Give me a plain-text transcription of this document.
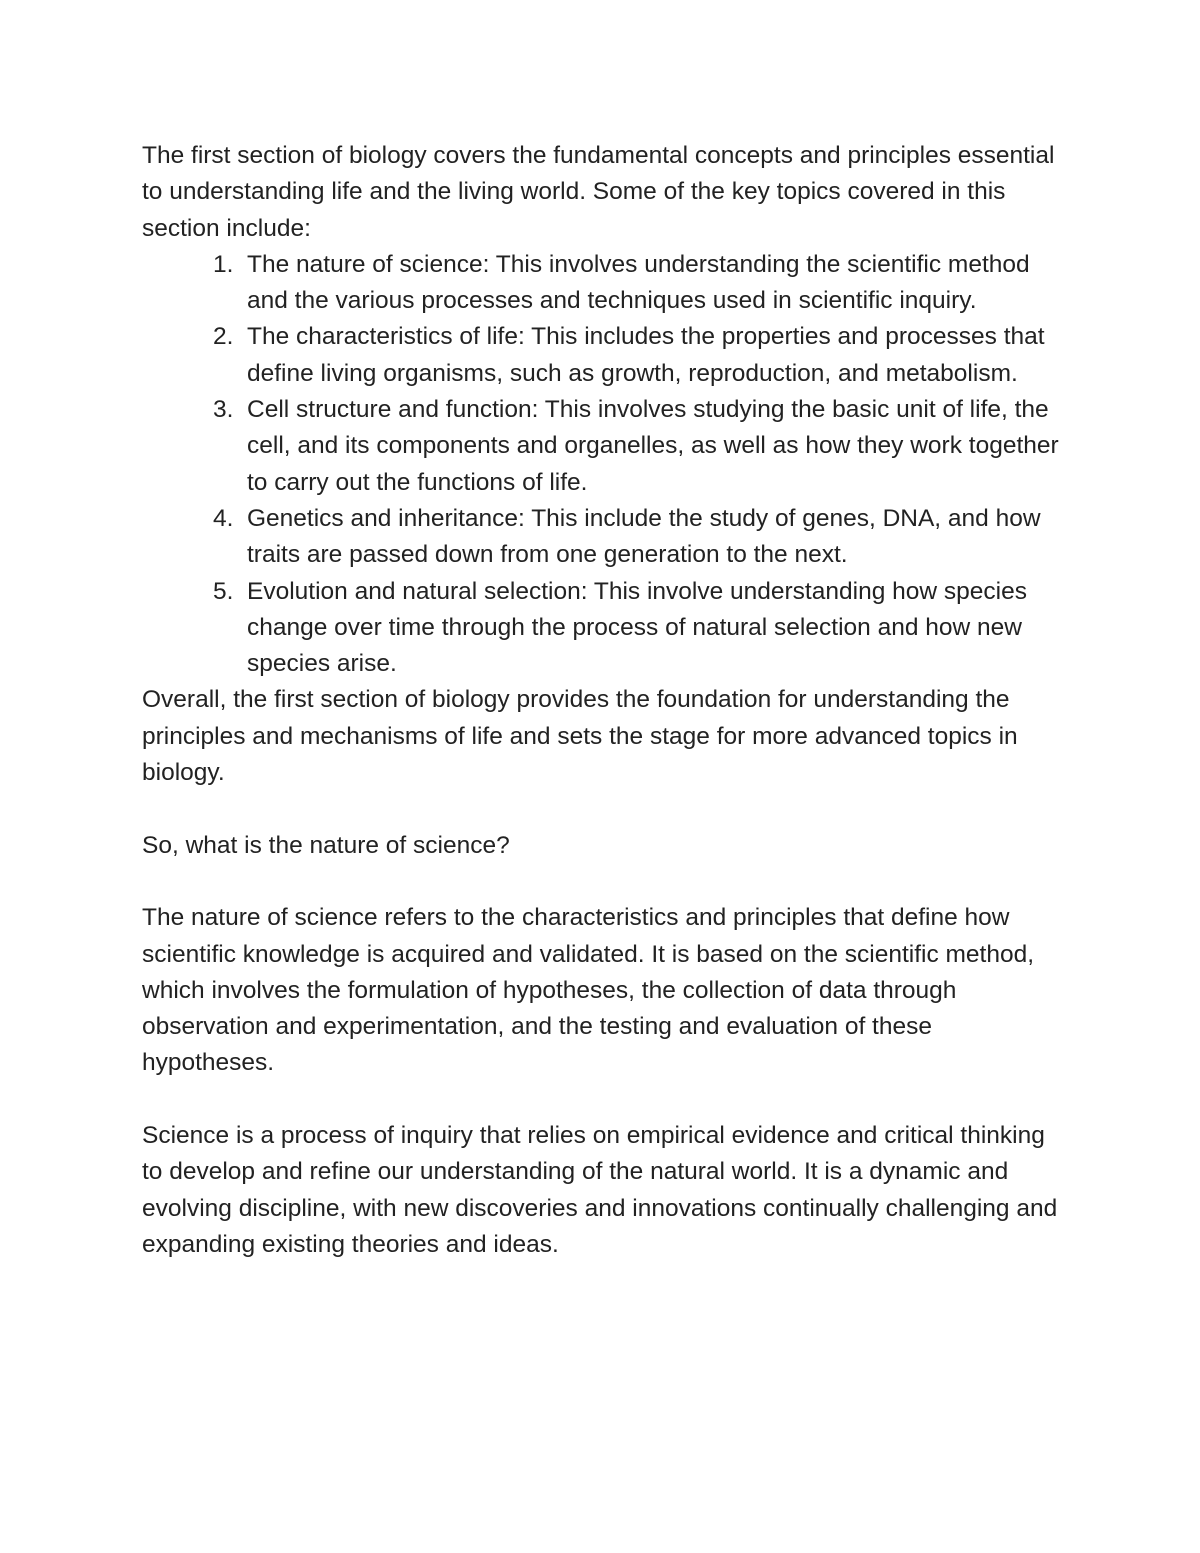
The first section of biology covers the fundamental concepts and principles essential to understanding life and the living world. Some of the key topics covered in this section include:

1. The nature of science: This involves understanding the scientific method and the various processes and techniques used in scientific inquiry.
2. The characteristics of life: This includes the properties and processes that define living organisms, such as growth, reproduction, and metabolism.
3. Cell structure and function: This involves studying the basic unit of life, the cell, and its components and organelles, as well as how they work together to carry out the functions of life.
4. Genetics and inheritance: This include the study of genes, DNA, and how traits are passed down from one generation to the next.
5. Evolution and natural selection: This involve understanding how species change over time through the process of natural selection and how new species arise.

Overall, the first section of biology provides the foundation for understanding the principles and mechanisms of life and sets the stage for more advanced topics in biology.

So, what is the nature of science?

The nature of science refers to the characteristics and principles that define how scientific knowledge is acquired and validated. It is based on the scientific method, which involves the formulation of hypotheses, the collection of data through observation and experimentation, and the testing and evaluation of these hypotheses.

Science is a process of inquiry that relies on empirical evidence and critical thinking to develop and refine our understanding of the natural world. It is a dynamic and evolving discipline, with new discoveries and innovations continually challenging and expanding existing theories and ideas.
